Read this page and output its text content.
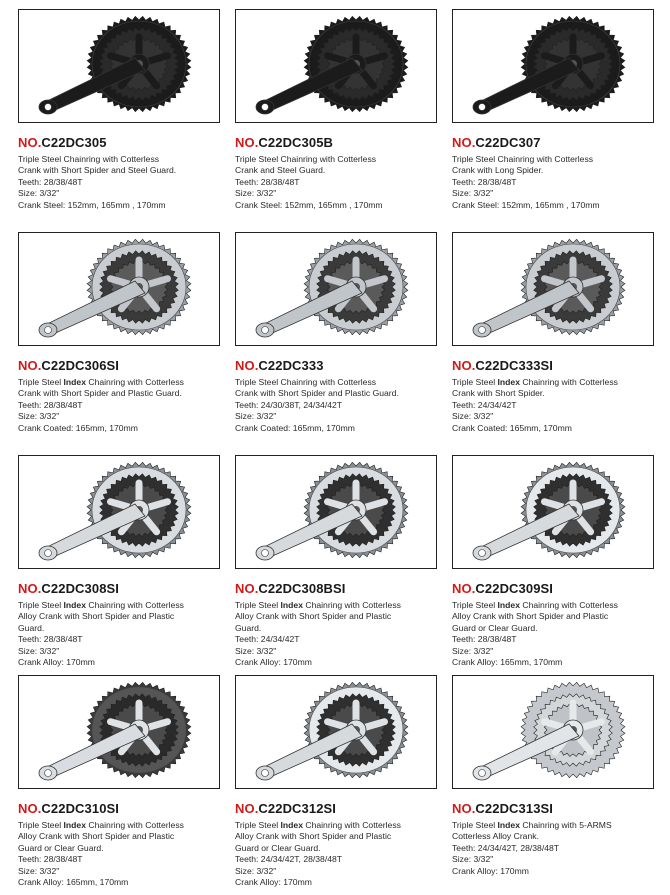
NO.C22DC305
Triple Steel Chainring with Cotterless
Crank with Short Spider and Steel Guard.
Teeth: 28/38/48T
Size: 3/32"
Crank Steel: 152mm, 165mm , 170mm
NO.C22DC305B
Triple Steel Chainring with Cotterless
Crank and Steel Guard.
Teeth: 28/38/48T
Size: 3/32"
Crank Steel: 152mm, 165mm , 170mm
NO.C22DC307
Triple Steel Chainring with Cotterless
Crank with Long Spider.
Teeth: 28/38/48T
Size: 3/32"
Crank Steel: 152mm, 165mm , 170mm
NO.C22DC306SI
Triple Steel Index Chainring with Cotterless
Crank with Short Spider and Plastic Guard.
Teeth: 28/38/48T
Size: 3/32"
Crank Coated: 165mm, 170mm
NO.C22DC333
Triple Steel Chainring with Cotterless
Crank with Short Spider and Plastic Guard.
Teeth: 24/30/38T, 24/34/42T
Size: 3/32"
Crank Coated: 165mm, 170mm
NO.C22DC333SI
Triple Steel Index Chainring with Cotterless
Crank with Short Spider.
Teeth: 24/34/42T
Size: 3/32"
Crank Coated: 165mm, 170mm
NO.C22DC308SI
Triple Steel Index Chainring with Cotterless
Alloy Crank with Short Spider and Plastic
Guard.
Teeth: 28/38/48T
Size: 3/32"
Crank Alloy: 170mm
NO.C22DC308BSI
Triple Steel Index Chainring with Cotterless
Alloy Crank with Short Spider and Plastic
Guard.
Teeth: 24/34/42T
Size: 3/32"
Crank Alloy: 170mm
NO.C22DC309SI
Triple Steel Index Chainring with Cotterless
Alloy Crank with Short Spider and Plastic
Guard or Clear Guard.
Teeth: 28/38/48T
Size: 3/32"
Crank Alloy: 165mm, 170mm
NO.C22DC310SI
Triple Steel Index Chainring with Cotterless
Alloy Crank with Short Spider and Plastic
Guard or Clear Guard.
Teeth: 28/38/48T
Size: 3/32"
Crank Alloy: 165mm, 170mm
NO.C22DC312SI
Triple Steel Index Chainring with Cotterless
Alloy Crank with Short Spider and Plastic
Guard or Clear Guard.
Teeth: 24/34/42T, 28/38/48T
Size: 3/32"
Crank Alloy: 170mm
NO.C22DC313SI
Triple Steel Index Chainring with 5-ARMS
Cotterless Alloy Crank.
Teeth: 24/34/42T, 28/38/48T
Size: 3/32"
Crank Alloy: 170mm
